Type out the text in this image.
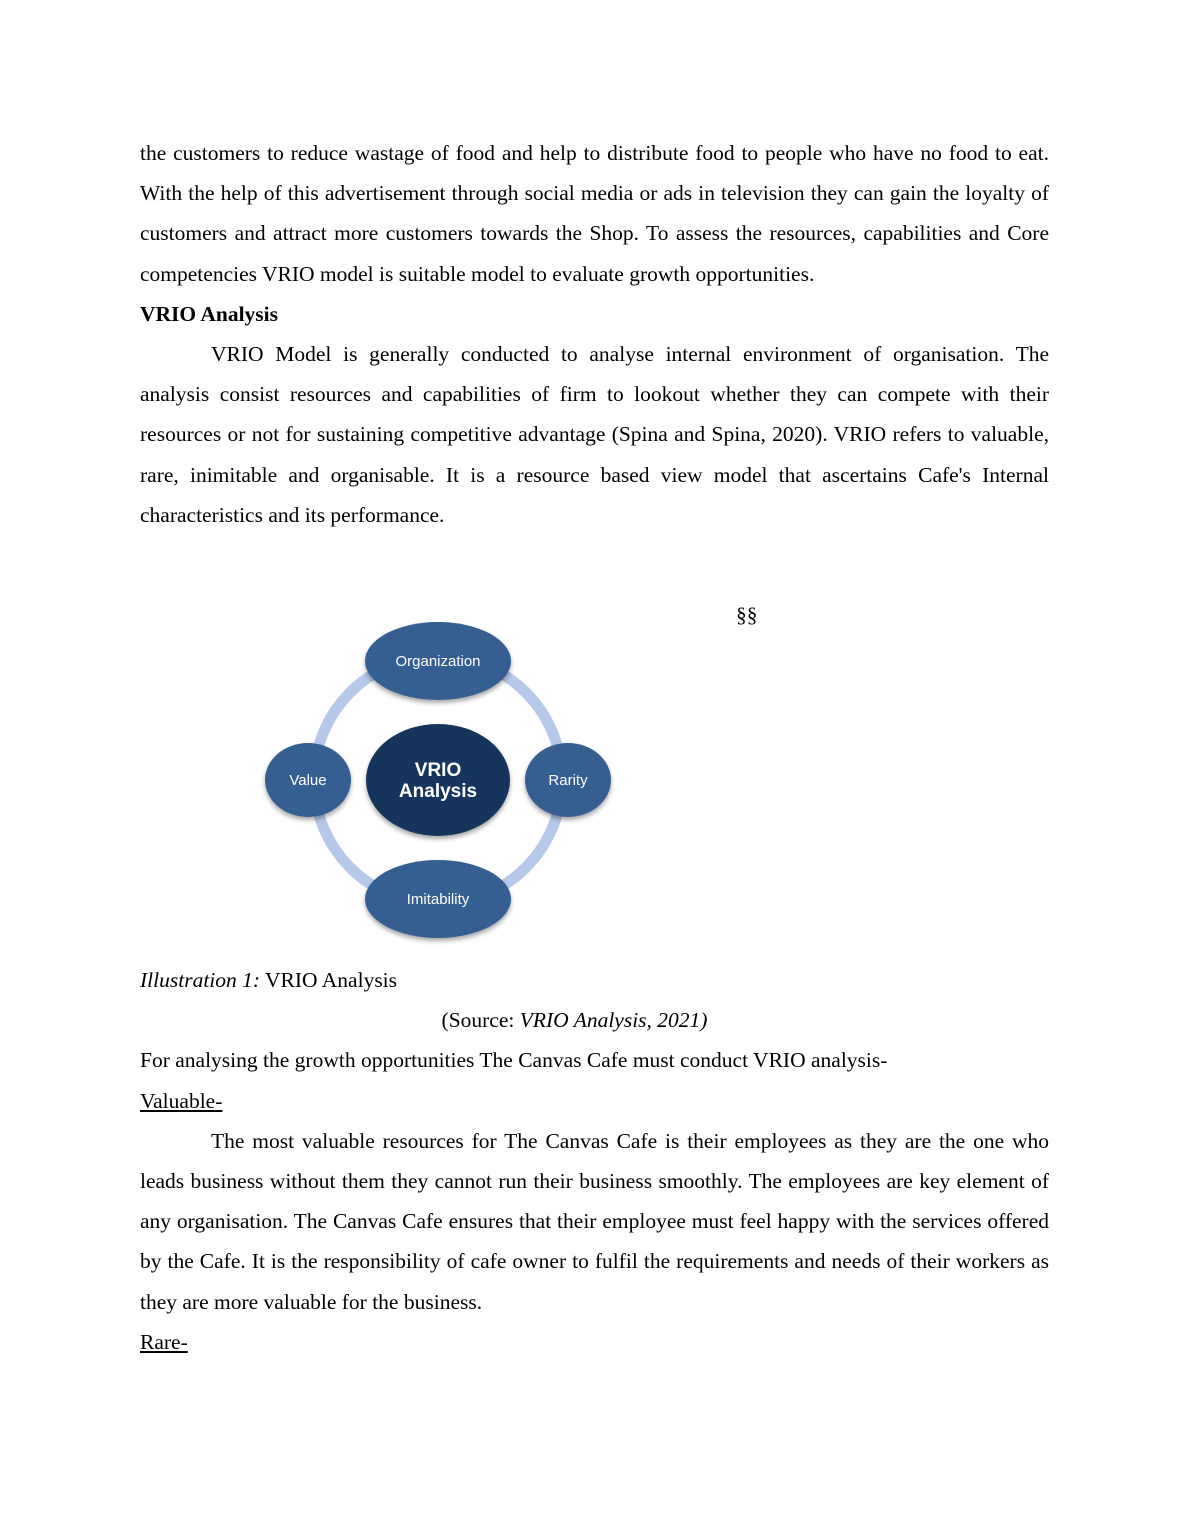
the customers to reduce wastage of food and help to distribute food to people who have no food to eat. With the help of this advertisement through social media or ads in television they can gain the loyalty of customers and attract more customers towards the Shop. To assess the resources, capabilities and Core competencies VRIO model is suitable model to evaluate growth opportunities.

VRIO Analysis

VRIO Model is generally conducted to analyse internal environment of organisation. The analysis consist resources and capabilities of firm to lookout whether they can compete with their resources or not for sustaining competitive advantage (Spina and Spina, 2020). VRIO refers to valuable, rare, inimitable and organisable. It is a resource based view model that ascertains Cafe's Internal characteristics and its performance.

§§
Organization
Value	Rarity
Imitability
VRIO
Analysis

Illustration 1: VRIO Analysis

(Source: VRIO Analysis, 2021)

For analysing the growth opportunities The Canvas Cafe must conduct VRIO analysis-

Valuable-

The most valuable resources for The Canvas Cafe is their employees as they are the one who leads business without them they cannot run their business smoothly. The employees are key element of any organisation. The Canvas Cafe ensures that their employee must feel happy with the services offered by the Cafe. It is the responsibility of cafe owner to fulfil the requirements and needs of their workers as they are more valuable for the business.

Rare-
